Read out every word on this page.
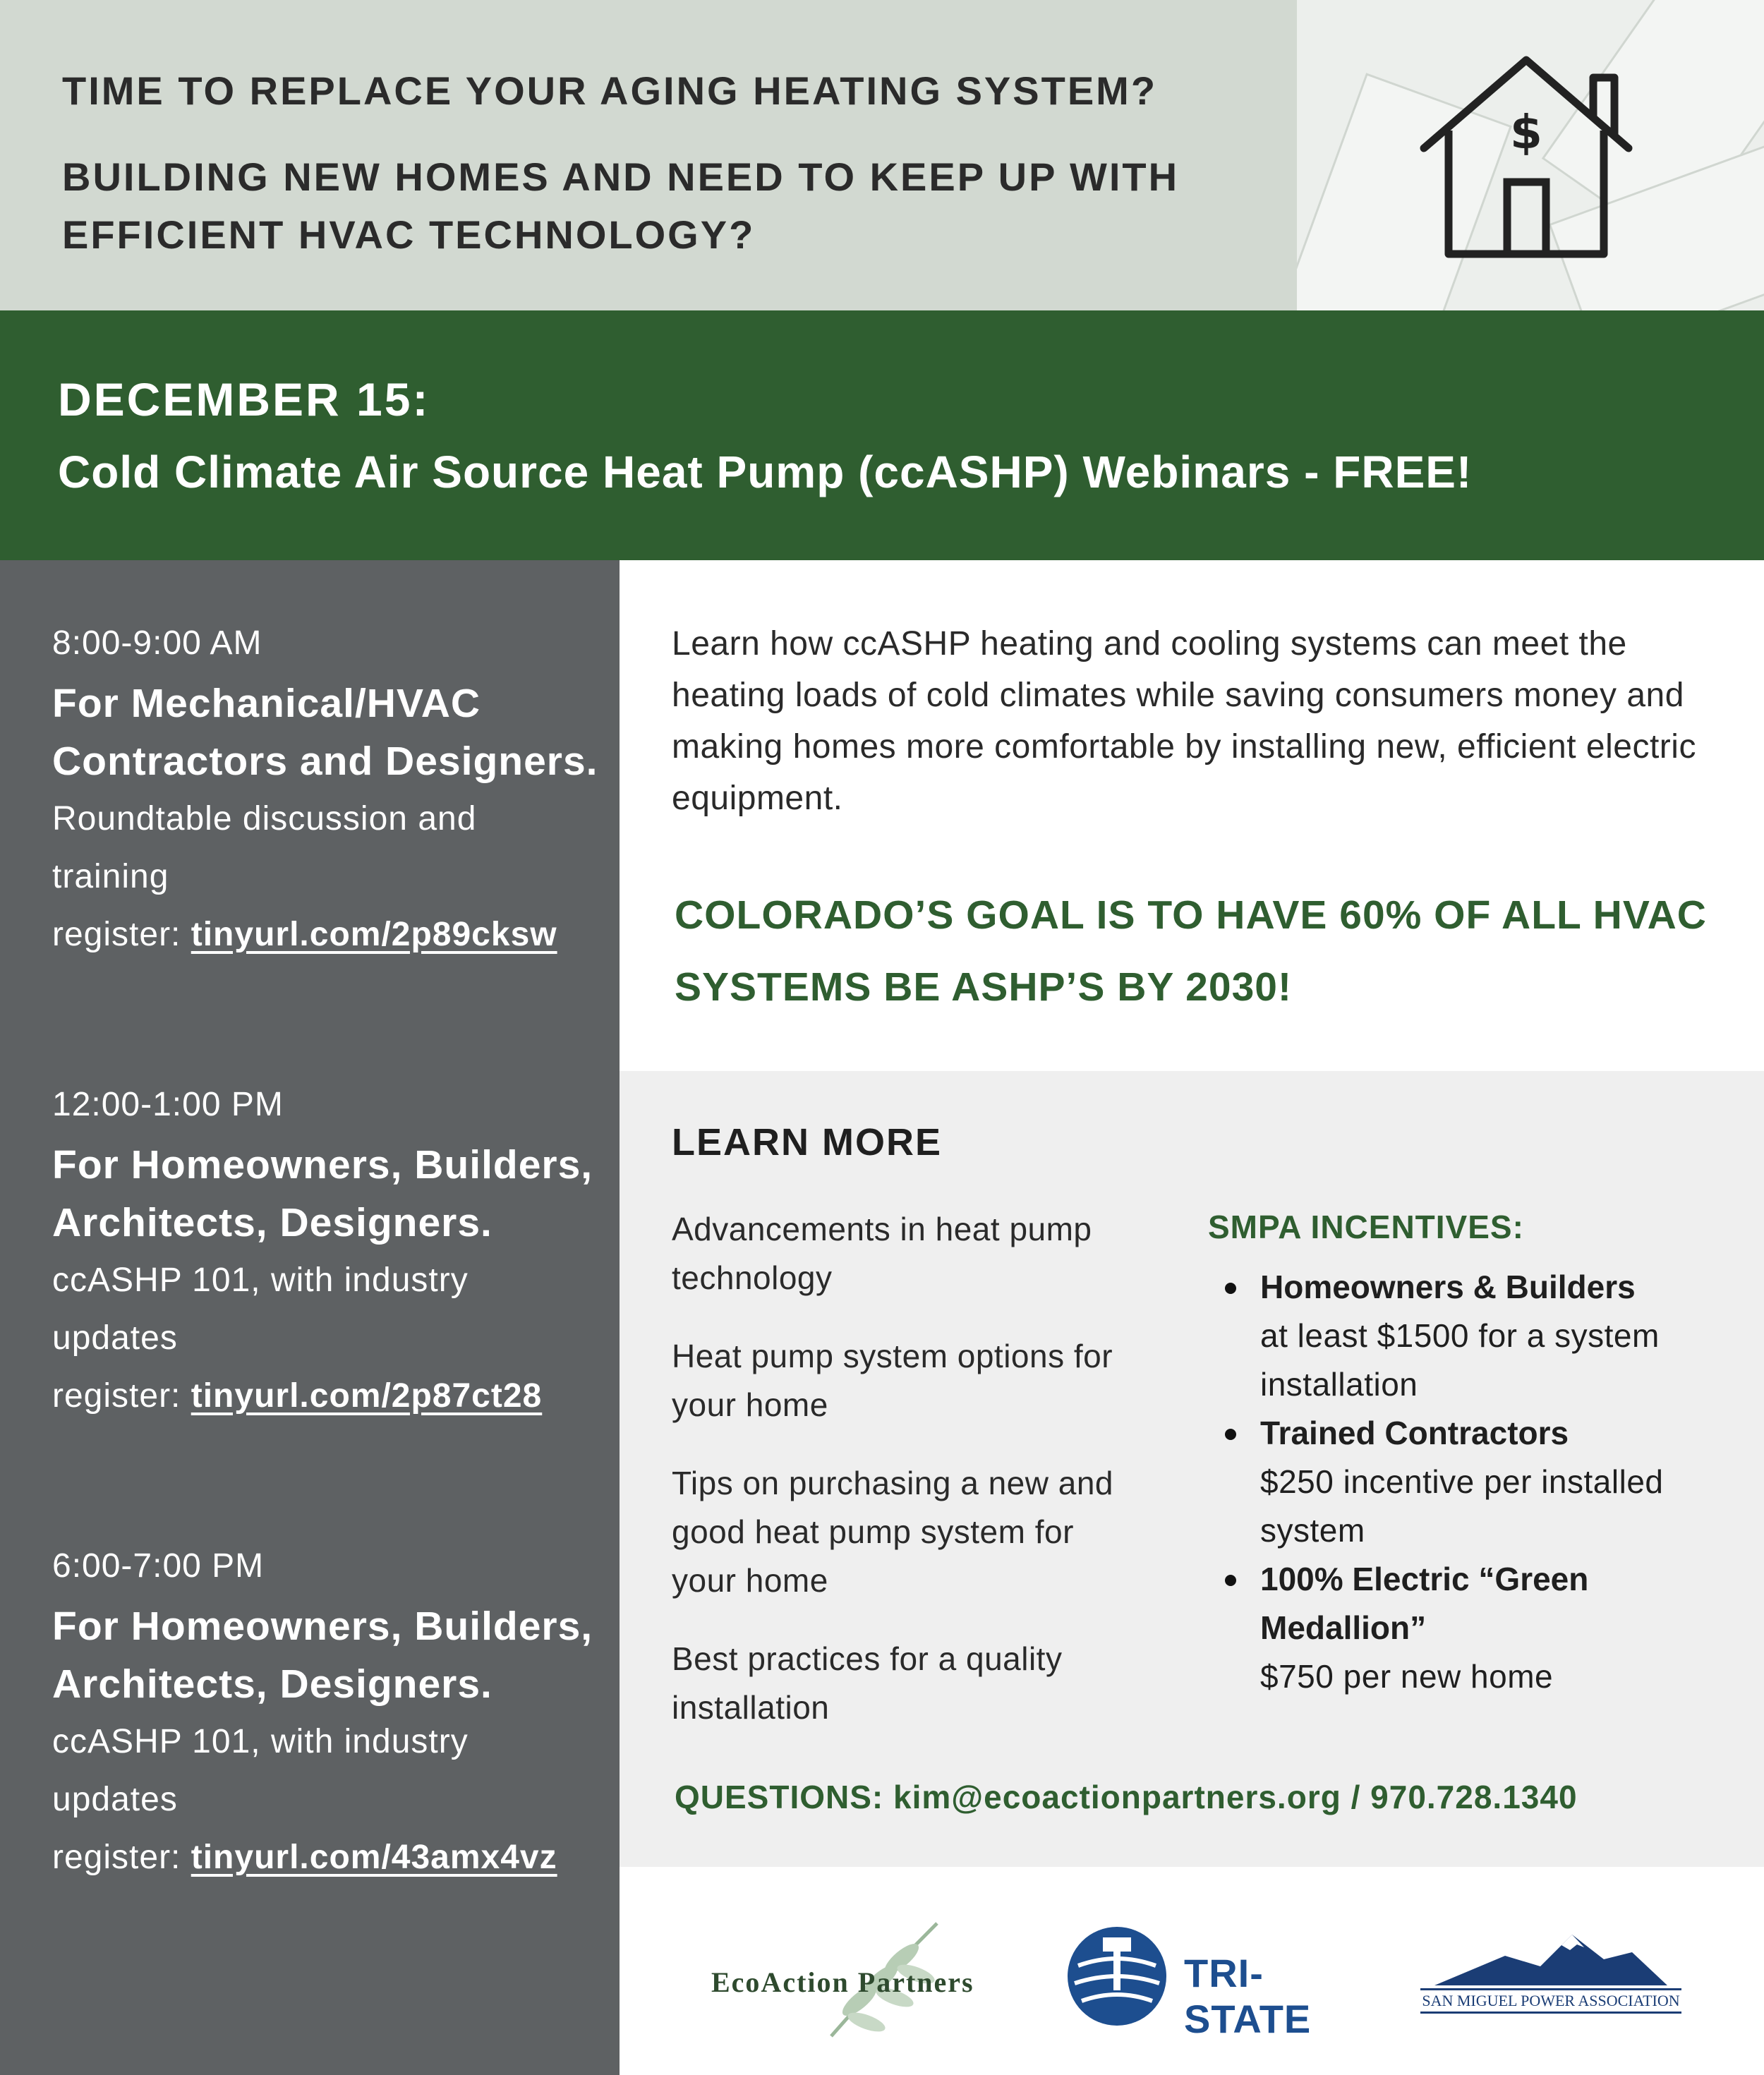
TIME TO REPLACE YOUR AGING HEATING SYSTEM?
BUILDING NEW HOMES AND NEED TO KEEP UP WITH EFFICIENT HVAC TECHNOLOGY?
$
DECEMBER 15:
Cold Climate Air Source Heat Pump (ccASHP) Webinars - FREE!
8:00-9:00 AM
For Mechanical/HVAC Contractors and Designers.
Roundtable discussion and training
register: tinyurl.com/2p89cksw
12:00-1:00 PM
For Homeowners, Builders, Architects, Designers.
ccASHP 101, with industry updates
register: tinyurl.com/2p87ct28
6:00-7:00 PM
For Homeowners, Builders, Architects, Designers.
ccASHP 101, with industry updates
register: tinyurl.com/43amx4vz
Learn how ccASHP heating and cooling systems can meet the heating loads of cold climates while saving consumers money and making homes more comfortable by installing new, efficient electric equipment.
COLORADO’S GOAL IS TO HAVE 60% OF ALL HVAC SYSTEMS BE ASHP’S BY 2030!
LEARN MORE
Advancements in heat pump technology
Heat pump system options for your home
Tips on purchasing a new and good heat pump system for your home
Best practices for a quality installation
SMPA INCENTIVES:
Homeowners & Builders
at least $1500 for a system installation
Trained Contractors
$250 incentive per installed system
100% Electric “Green Medallion”
$750 per new home
QUESTIONS: kim@ecoactionpartners.org / 970.728.1340
EcoAction Partners	TRI-STATE	SAN MIGUEL POWER ASSOCIATION
